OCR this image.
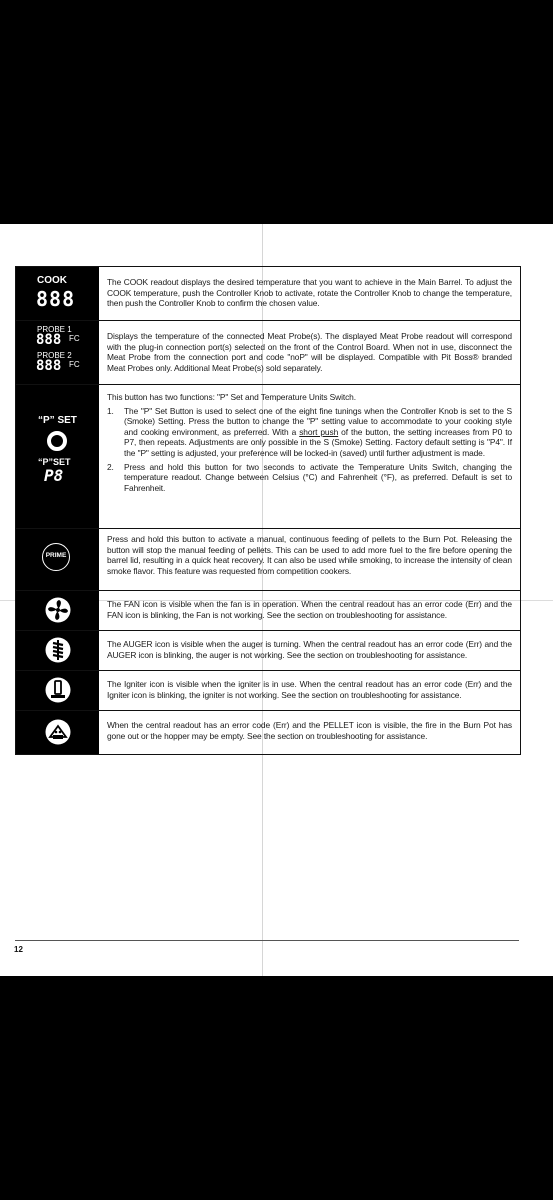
COOK
888

The COOK readout displays the desired temperature that you want to achieve in the Main Barrel. To adjust the COOK temperature, push the Controller Knob to activate, rotate the Controller Knob to change the temperature, then push the Controller Knob to confirm the chosen value.

PROBE 1
888 FC
PROBE 2
888 FC

Displays the temperature of the connected Meat Probe(s). The displayed Meat Probe readout will correspond with the plug-in connection port(s) selected on the front of the Control Board. When not in use, disconnect the Meat Probe from the connection port and code "noP" will be displayed. Compatible with Pit Boss® branded Meat Probes only. Additional Meat Probe(s) sold separately.

“P” SET
“P”SET
P8

This button has two functions: "P" Set and Temperature Units Switch.

1. The "P" Set Button is used to select one of the eight fine tunings when the Controller Knob is set to the S (Smoke) Setting. Press the button to change the "P" setting value to accommodate to your cooking style and cooking environment, as preferred. With a short push of the button, the setting increases from P0 to P7, then repeats. Adjustments are only possible in the S (Smoke) Setting. Factory default setting is "P4". If the "P" setting is adjusted, your preference will be locked-in (saved) until further adjustment is made.
2. Press and hold this button for two seconds to activate the Temperature Units Switch, changing the temperature readout. Change between Celsius (°C) and Fahrenheit (°F), as preferred. Default is set to Fahrenheit.
PRIME

Press and hold this button to activate a manual, continuous feeding of pellets to the Burn Pot. Releasing the button will stop the manual feeding of pellets. This can be used to add more fuel to the fire before opening the barrel lid, resulting in a quick heat recovery. It can also be used while smoking, to increase the intensity of clean smoke flavor. This feature was requested from competition cookers.

The FAN icon is visible when the fan is in operation. When the central readout has an error code (Err) and the FAN icon is blinking, the Fan is not working. See the section on troubleshooting for assistance.

The AUGER icon is visible when the auger is turning. When the central readout has an error code (Err) and the AUGER icon is blinking, the auger is not working. See the section on troubleshooting for assistance.

The Igniter icon is visible when the igniter is in use. When the central readout has an error code (Err) and the Igniter icon is blinking, the igniter is not working. See the section on troubleshooting for assistance.

When the central readout has an error code (Err) and the PELLET icon is visible, the fire in the Burn Pot has gone out or the hopper may be empty. See the section on troubleshooting for assistance.

12
